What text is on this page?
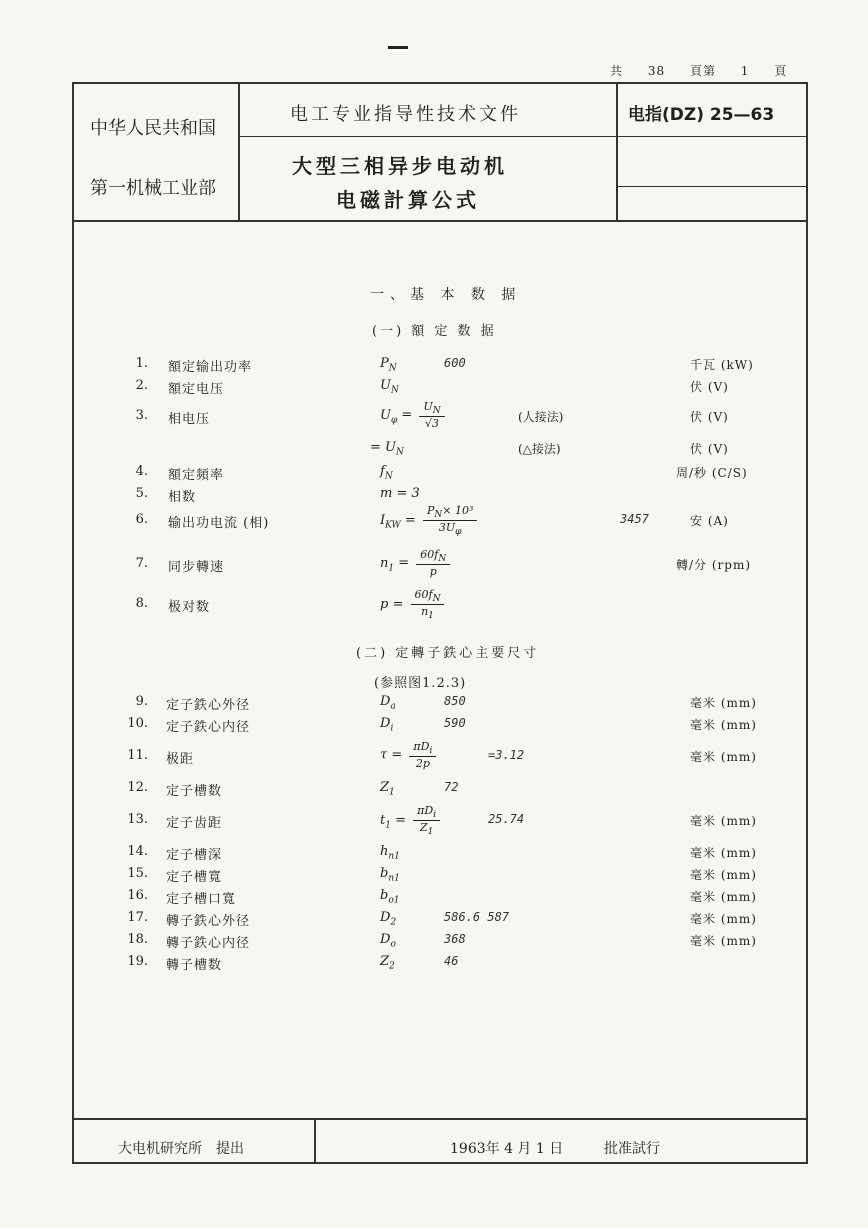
共 38 頁第 1 頁
中华人民共和国
第一机械工业部
电工专业指导性技术文件
大型三相异步电动机
电磁計算公式
电指(DZ) 25—63
一、基 本 数 据
(一) 額 定 数 据
(二) 定轉子鉄心主要尺寸
(参照图1.2.3)
1. 額定输出功率	$P_N$	600	千瓦 (kW)
2. 額定电压	$U_N$	伏 (V)
3. 相电压	$U_\varphi = \frac{U_N}{√3}$	(人接法)	伏 (V)
= $U_N$	(△接法)	伏 (V)
4. 額定頻率	$f_N$	周/秒 (C/S)
5. 相数	m = 3
6. 输出功电流 (相)	$I_{KW} = \frac{P_N\times 10^3}{3U_\varphi}$	3457	安 (A)
7. 同步轉速	$n_1 = \frac{60f_N}{p}$	轉/分 (rpm)
8. 极对数	$p = \frac{60f_N}{n_1}$
9. 定子鉄心外径	$D_a$	850	毫米 (mm)
10. 定子鉄心内径	$D_i$	590	毫米 (mm)
11. 极距	$\tau = \frac{\pi D_i}{2p}$	=3.12	毫米 (mm)
12. 定子槽数	$Z_1$	72
13. 定子齿距	$t_1 = \frac{\pi D_i}{Z_1}$	25.74	毫米 (mm)
14. 定子槽深	$h_{n1}$	毫米 (mm)
15. 定子槽寬	$b_{n1}$	毫米 (mm)
16. 定子槽口寬	$b_{o1}$	毫米 (mm)
17. 轉子鉄心外径	$D_2$	586.6 587	毫米 (mm)
18. 轉子鉄心内径	$D_o$	368	毫米 (mm)
19. 轉子槽数	$Z_2$	46
大电机研究所　提出	1963年 4 月 1 日	批准試行
